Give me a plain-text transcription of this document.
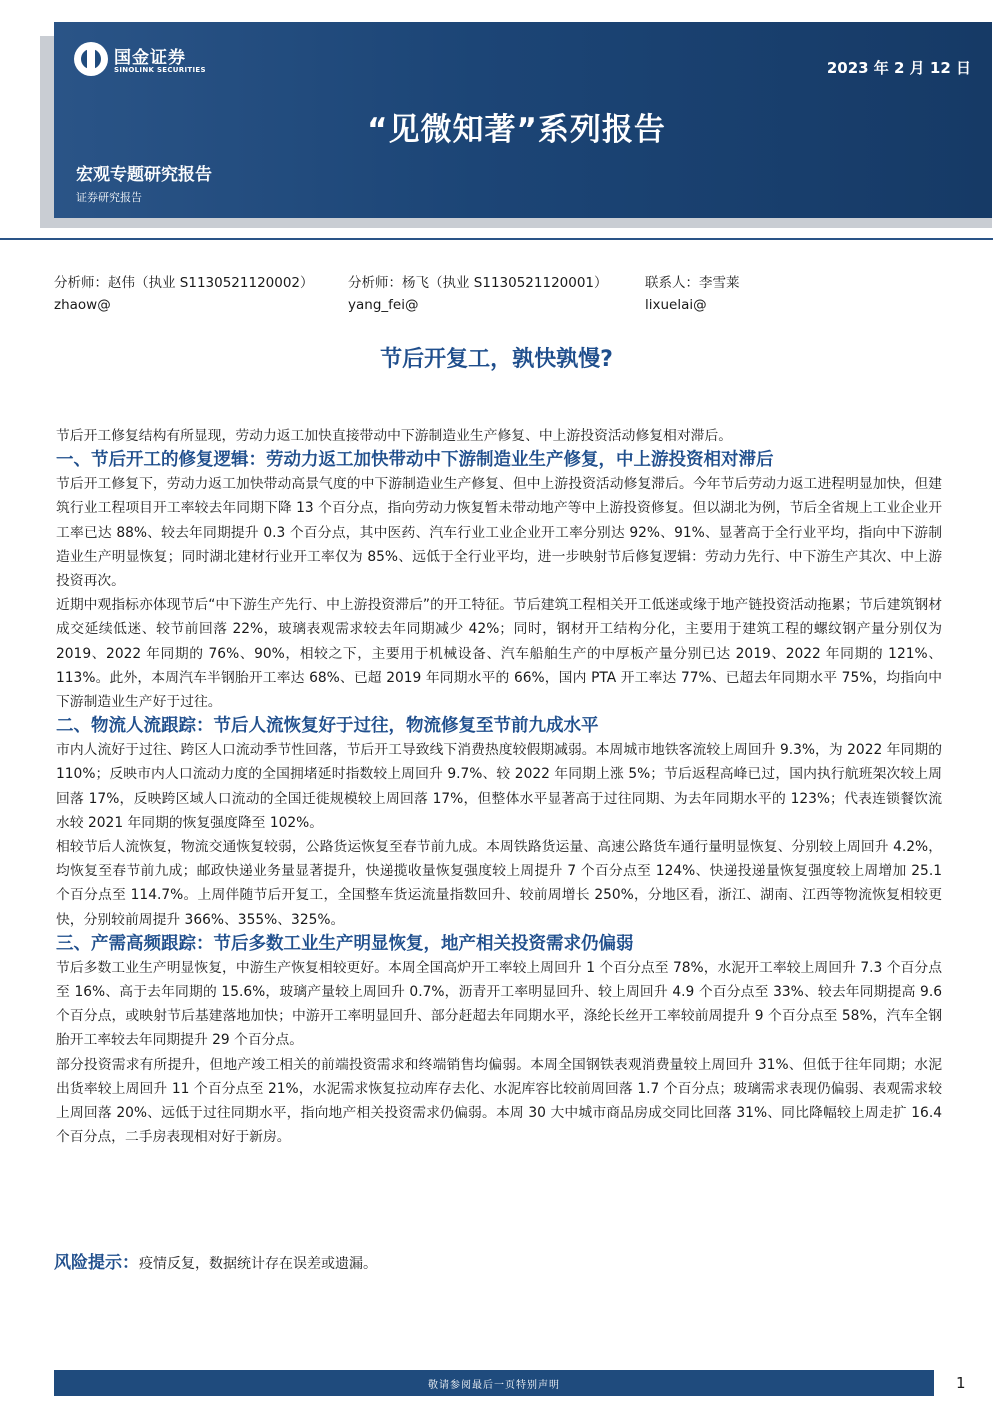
国金证券
SINOLINK SECURITIES	2023 年 2 月 12 日
“见微知著”系列报告
宏观专题研究报告
证券研究报告
分析师：赵伟（执业 S1130521120002）
zhaow@
分析师：杨飞（执业 S1130521120001）
yang_fei@
联系人：李雪莱
lixuelai@
节后开复工，孰快孰慢?
节后开工修复结构有所显现，劳动力返工加快直接带动中下游制造业生产修复、中上游投资活动修复相对滞后。
一、节后开工的修复逻辑：劳动力返工加快带动中下游制造业生产修复，中上游投资相对滞后
节后开工修复下，劳动力返工加快带动高景气度的中下游制造业生产修复、但中上游投资活动修复滞后。今年节后劳动力返工进程明显加快，但建筑行业工程项目开工率较去年同期下降 13 个百分点，指向劳动力恢复暂未带动地产等中上游投资修复。但以湖北为例，节后全省规上工业企业开工率已达 88%、较去年同期提升 0.3 个百分点，其中医药、汽车行业工业企业开工率分别达 92%、91%、显著高于全行业平均，指向中下游制造业生产明显恢复；同时湖北建材行业开工率仅为 85%、远低于全行业平均，进一步映射节后修复逻辑：劳动力先行、中下游生产其次、中上游投资再次。
近期中观指标亦体现节后“中下游生产先行、中上游投资滞后”的开工特征。节后建筑工程相关开工低迷或缘于地产链投资活动拖累；节后建筑钢材成交延续低迷、较节前回落 22%，玻璃表观需求较去年同期减少 42%；同时，钢材开工结构分化，主要用于建筑工程的螺纹钢产量分别仅为 2019、2022 年同期的 76%、90%，相较之下，主要用于机械设备、汽车船舶生产的中厚板产量分别已达 2019、2022 年同期的 121%、113%。此外，本周汽车半钢胎开工率达 68%、已超 2019 年同期水平的 66%，国内 PTA 开工率达 77%、已超去年同期水平 75%，均指向中下游制造业生产好于过往。
二、物流人流跟踪：节后人流恢复好于过往，物流修复至节前九成水平
市内人流好于过往、跨区人口流动季节性回落，节后开工导致线下消费热度较假期减弱。本周城市地铁客流较上周回升 9.3%，为 2022 年同期的 110%；反映市内人口流动力度的全国拥堵延时指数较上周回升 9.7%、较 2022 年同期上涨 5%；节后返程高峰已过，国内执行航班架次较上周回落 17%，反映跨区域人口流动的全国迁徙规模较上周回落 17%，但整体水平显著高于过往同期、为去年同期水平的 123%；代表连锁餐饮流水较 2021 年同期的恢复强度降至 102%。
相较节后人流恢复，物流交通恢复较弱，公路货运恢复至春节前九成。本周铁路货运量、高速公路货车通行量明显恢复、分别较上周回升 4.2%，均恢复至春节前九成；邮政快递业务量显著提升，快递揽收量恢复强度较上周提升 7 个百分点至 124%、快递投递量恢复强度较上周增加 25.1 个百分点至 114.7%。上周伴随节后开复工，全国整车货运流量指数回升、较前周增长 250%，分地区看，浙江、湖南、江西等物流恢复相较更快，分别较前周提升 366%、355%、325%。
三、产需高频跟踪：节后多数工业生产明显恢复，地产相关投资需求仍偏弱
节后多数工业生产明显恢复，中游生产恢复相较更好。本周全国高炉开工率较上周回升 1 个百分点至 78%，水泥开工率较上周回升 7.3 个百分点至 16%、高于去年同期的 15.6%，玻璃产量较上周回升 0.7%，沥青开工率明显回升、较上周回升 4.9 个百分点至 33%、较去年同期提高 9.6 个百分点，或映射节后基建落地加快；中游开工率明显回升、部分赶超去年同期水平，涤纶长丝开工率较前周提升 9 个百分点至 58%，汽车全钢胎开工率较去年同期提升 29 个百分点。
部分投资需求有所提升，但地产竣工相关的前端投资需求和终端销售均偏弱。本周全国钢铁表观消费量较上周回升 31%、但低于往年同期；水泥出货率较上周回升 11 个百分点至 21%，水泥需求恢复拉动库存去化、水泥库容比较前周回落 1.7 个百分点；玻璃需求表现仍偏弱、表观需求较上周回落 20%、远低于过往同期水平，指向地产相关投资需求仍偏弱。本周 30 大中城市商品房成交同比回落 31%、同比降幅较上周走扩 16.4 个百分点，二手房表现相对好于新房。
风险提示：疫情反复，数据统计存在误差或遗漏。
敬请参阅最后一页特别声明	1
